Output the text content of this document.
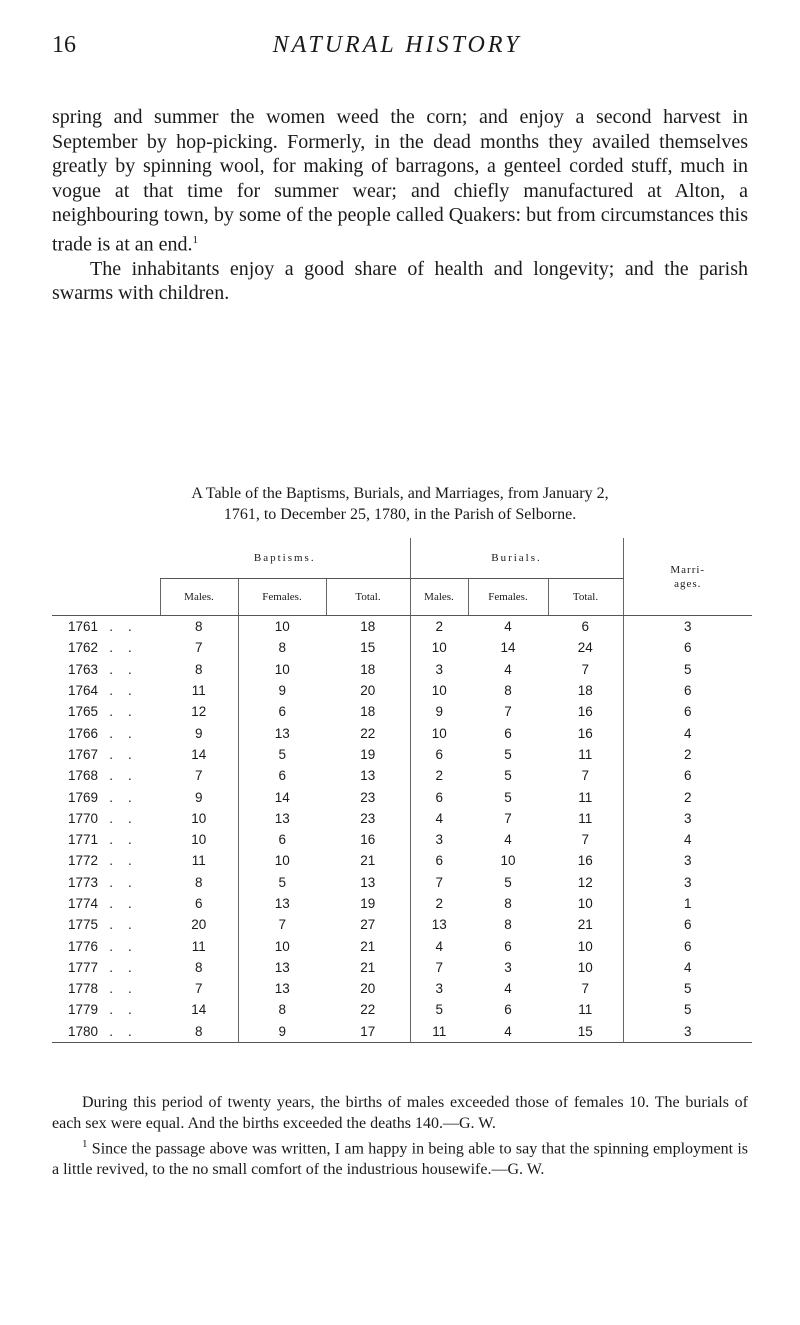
16	NATURAL HISTORY

spring and summer the women weed the corn; and enjoy a second harvest in September by hop-picking. Formerly, in the dead months they availed themselves greatly by spinning wool, for making of barragons, a genteel corded stuff, much in vogue at that time for summer wear; and chiefly manufactured at Alton, a neighbouring town, by some of the people called Quakers: but from circumstances this trade is at an end.$^1$

The inhabitants enjoy a good share of health and longevity; and the parish swarms with children.

A Table of the Baptisms, Burials, and Marriages, from January 2,
1761, to December 25, 1780, in the Parish of Selborne.
	Baptisms.			Burials.			Marri-
ages.

	Males.	Females.	Total.	Males.	Females.	Total.	
1761   .    .	8	10	18	2	4	6	3
1762   .    .	7	8	15	10	14	24	6
1763   .    .	8	10	18	3	4	7	5
1764   .    .	11	9	20	10	8	18	6
1765   .    .	12	6	18	9	7	16	6
1766   .    .	9	13	22	10	6	16	4
1767   .    .	14	5	19	6	5	11	2
1768   .    .	7	6	13	2	5	7	6
1769   .    .	9	14	23	6	5	11	2
1770   .    .	10	13	23	4	7	11	3
1771   .    .	10	6	16	3	4	7	4
1772   .    .	11	10	21	6	10	16	3
1773   .    .	8	5	13	7	5	12	3
1774   .    .	6	13	19	2	8	10	1
1775   .    .	20	7	27	13	8	21	6
1776   .    .	11	10	21	4	6	10	6
1777   .    .	8	13	21	7	3	10	4
1778   .    .	7	13	20	3	4	7	5
1779   .    .	14	8	22	5	6	11	5
1780   .    .	8	9	17	11	4	15	3

During this period of twenty years, the births of males exceeded those of females 10. The burials of each sex were equal. And the births exceeded the deaths 140.—G. W.

$^1$ Since the passage above was written, I am happy in being able to say that the spinning employment is a little revived, to the no small comfort of the industrious housewife.—G. W.
